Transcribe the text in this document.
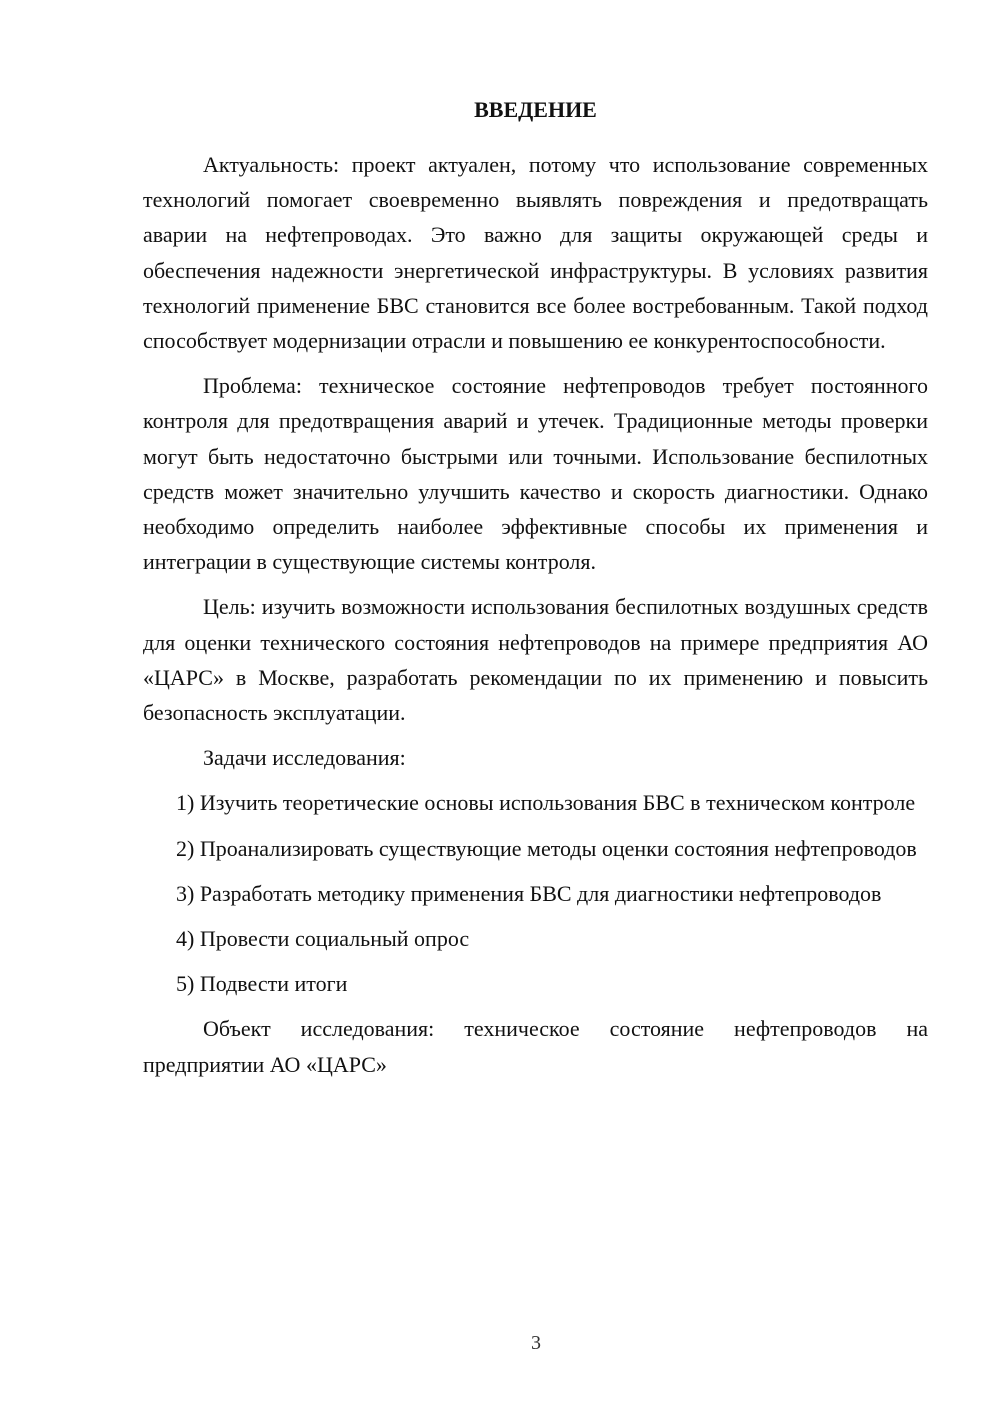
ВВЕДЕНИЕ

Актуальность: проект актуален, потому что использование современных технологий помогает своевременно выявлять повреждения и предотвращать аварии на нефтепроводах. Это важно для защиты окружающей среды и обеспечения надежности энергетической инфраструктуры. В условиях развития технологий применение БВС становится все более востребованным. Такой подход способствует модернизации отрасли и повышению ее конкурентоспособности.

Проблема: техническое состояние нефтепроводов требует постоянного контроля для предотвращения аварий и утечек. Традиционные методы проверки могут быть недостаточно быстрыми или точными. Использование беспилотных средств может значительно улучшить качество и скорость диагностики. Однако необходимо определить наиболее эффективные способы их применения и интеграции в существующие системы контроля.

Цель: изучить возможности использования беспилотных воздушных средств для оценки технического состояния нефтепроводов на примере предприятия АО «ЦАРС» в Москве, разработать рекомендации по их применению и повысить безопасность эксплуатации.

Задачи исследования:

1) Изучить теоретические основы использования БВС в техническом контроле

2) Проанализировать существующие методы оценки состояния нефтепроводов

3) Разработать методику применения БВС для диагностики нефтепроводов

4) Провести социальный опрос

5) Подвести итоги

Объект исследования: техническое состояние нефтепроводов на предприятии АО «ЦАРС»

3
